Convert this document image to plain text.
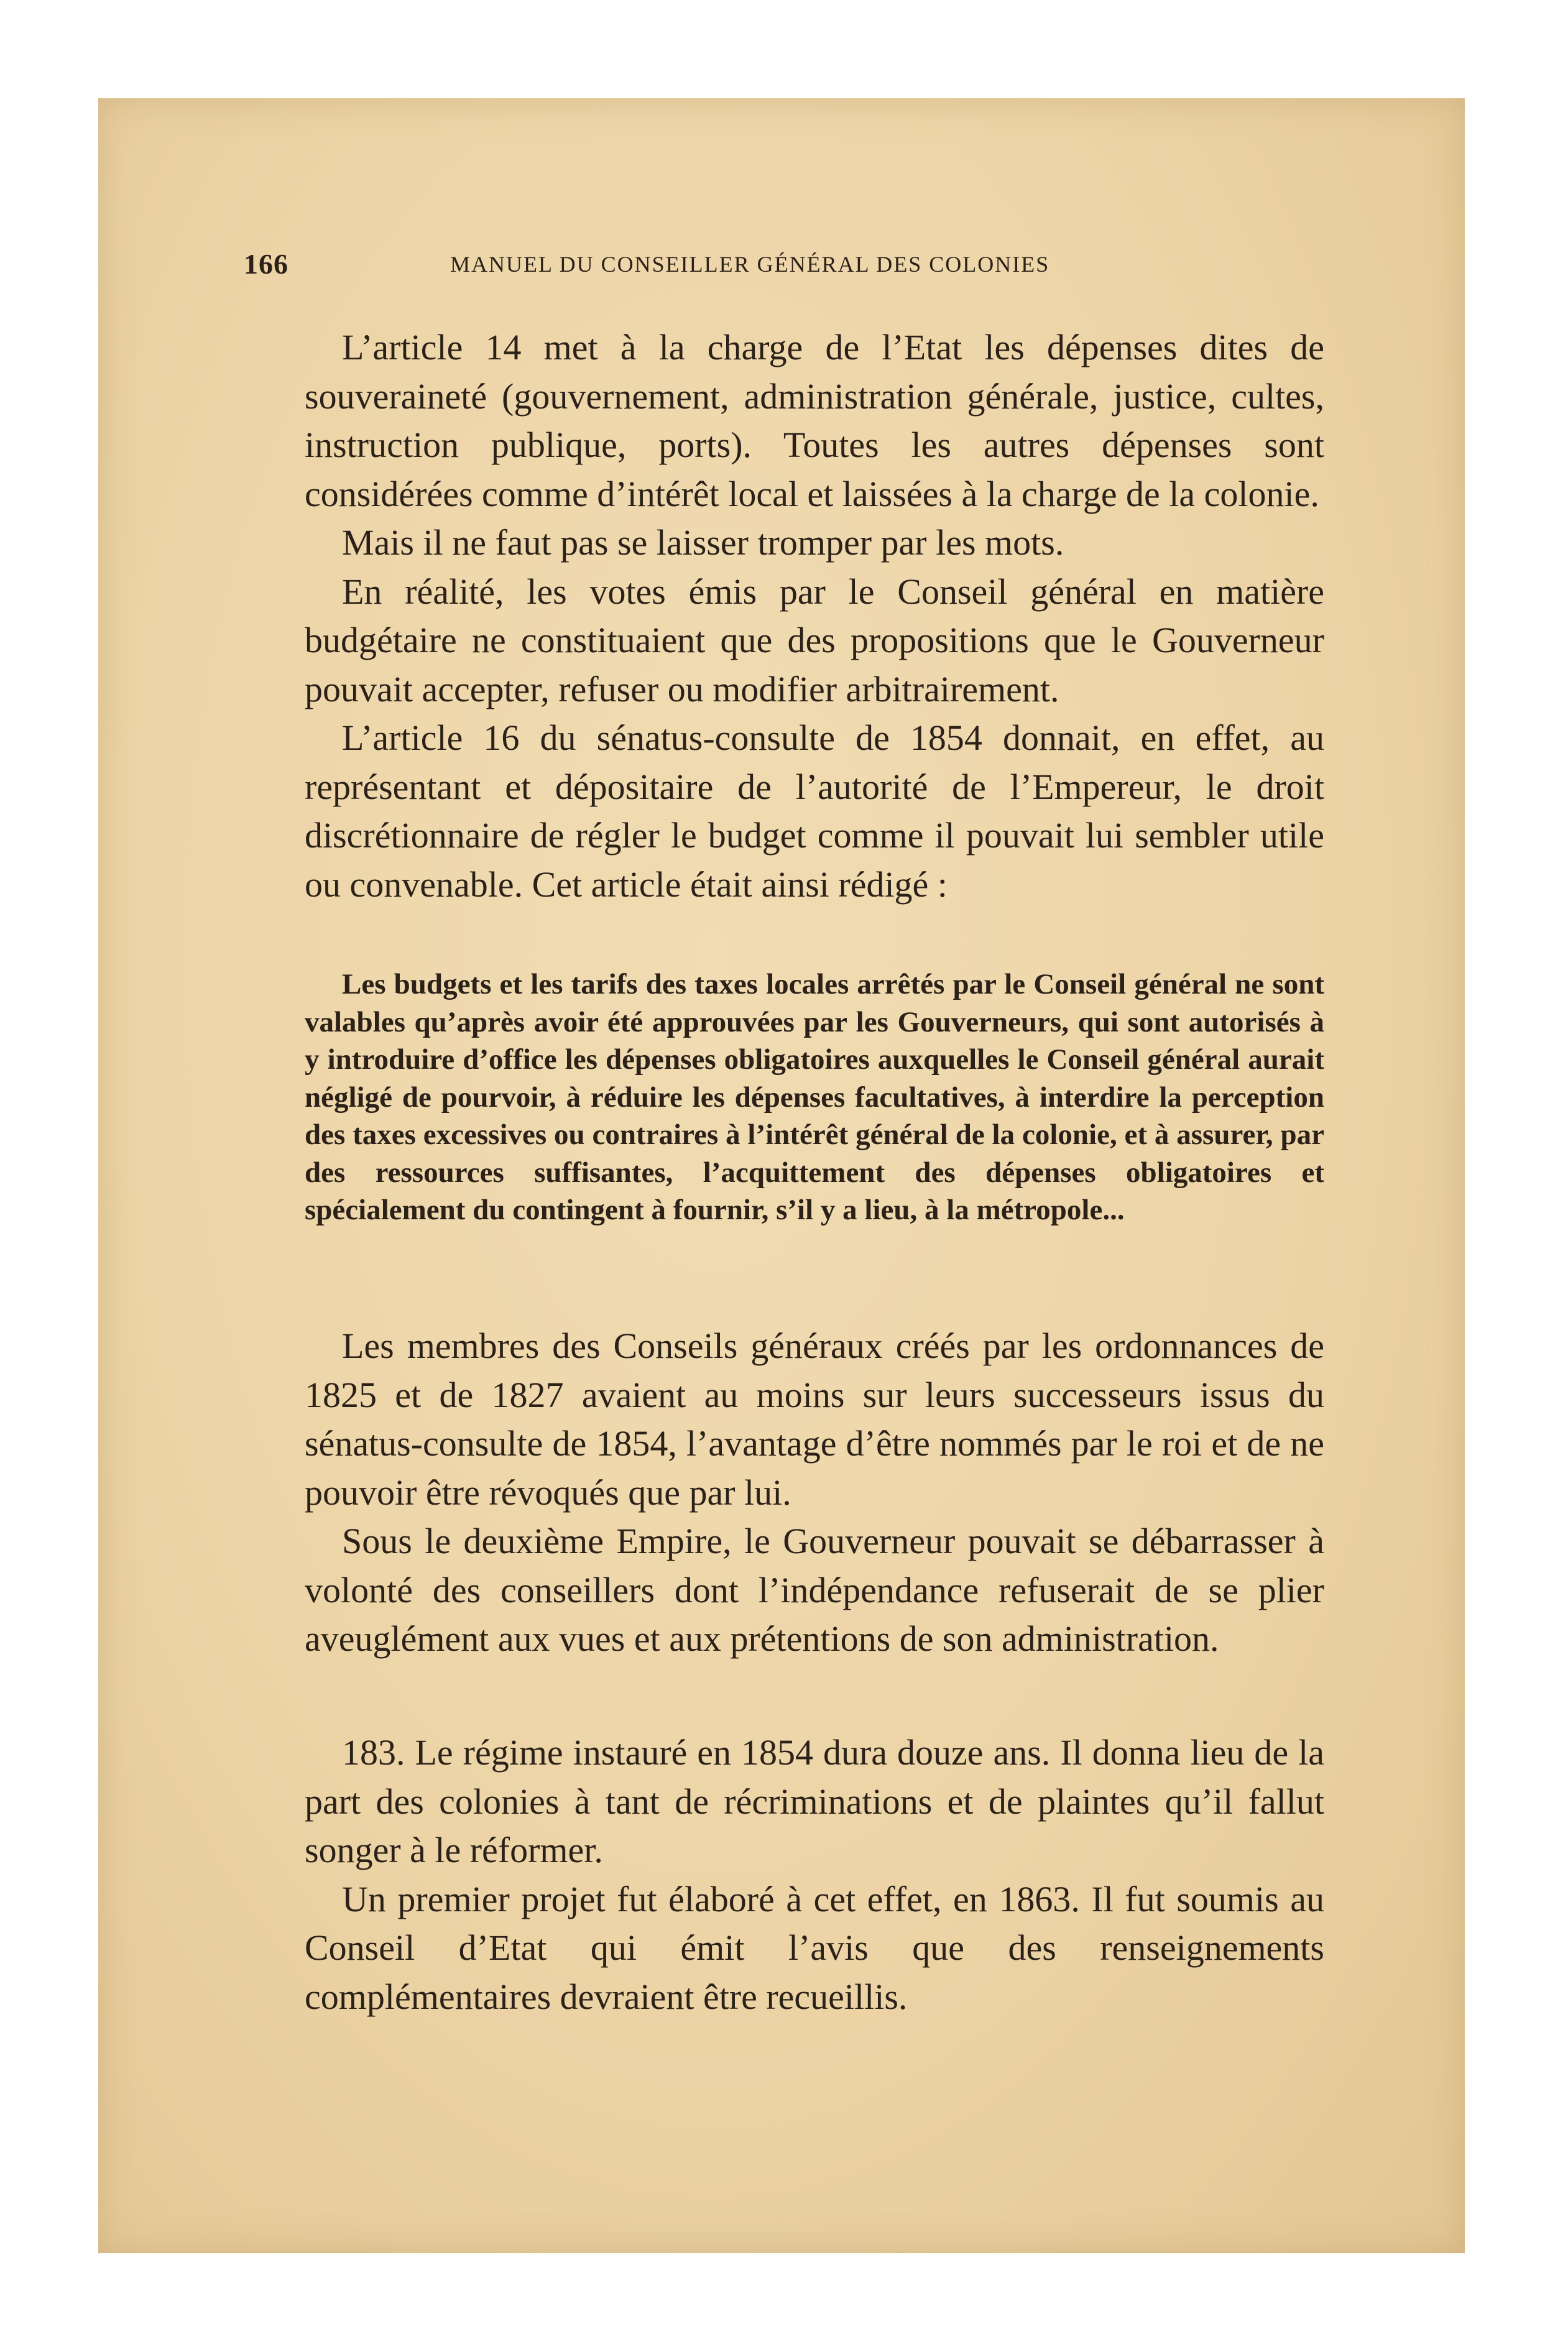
166	MANUEL DU CONSEILLER GÉNÉRAL DES COLONIES

L’article 14 met à la charge de l’Etat les dépenses dites de souveraineté (gouvernement, administration générale, justice, cultes, instruction publique, ports). Toutes les autres dépenses sont considérées comme d’intérêt local et laissées à la charge de la colonie.

Mais il ne faut pas se laisser tromper par les mots.

En réalité, les votes émis par le Conseil général en matière budgétaire ne constituaient que des propositions que le Gouverneur pouvait accepter, refuser ou modifier arbitrairement.

L’article 16 du sénatus-consulte de 1854 donnait, en effet, au représentant et dépositaire de l’autorité de l’Empereur, le droit discrétionnaire de régler le budget comme il pouvait lui sembler utile ou convenable. Cet article était ainsi rédigé :

Les budgets et les tarifs des taxes locales arrêtés par le Conseil général ne sont valables qu’après avoir été approuvées par les Gouverneurs, qui sont autorisés à y introduire d’office les dépenses obligatoires auxquelles le Conseil général aurait négligé de pourvoir, à réduire les dépenses facultatives, à interdire la perception des taxes excessives ou contraires à l’intérêt général de la colonie, et à assurer, par des ressources suffisantes, l’acquittement des dépenses obligatoires et spécialement du contingent à fournir, s’il y a lieu, à la métropole...

Les membres des Conseils généraux créés par les ordonnances de 1825 et de 1827 avaient au moins sur leurs successeurs issus du sénatus-consulte de 1854, l’avantage d’être nommés par le roi et de ne pouvoir être révoqués que par lui.

Sous le deuxième Empire, le Gouverneur pouvait se débarrasser à volonté des conseillers dont l’indépendance refuserait de se plier aveuglément aux vues et aux prétentions de son administration.

183. Le régime instauré en 1854 dura douze ans. Il donna lieu de la part des colonies à tant de récriminations et de plaintes qu’il fallut songer à le réformer.

Un premier projet fut élaboré à cet effet, en 1863. Il fut soumis au Conseil d’Etat qui émit l’avis que des renseignements complémentaires devraient être recueillis.
